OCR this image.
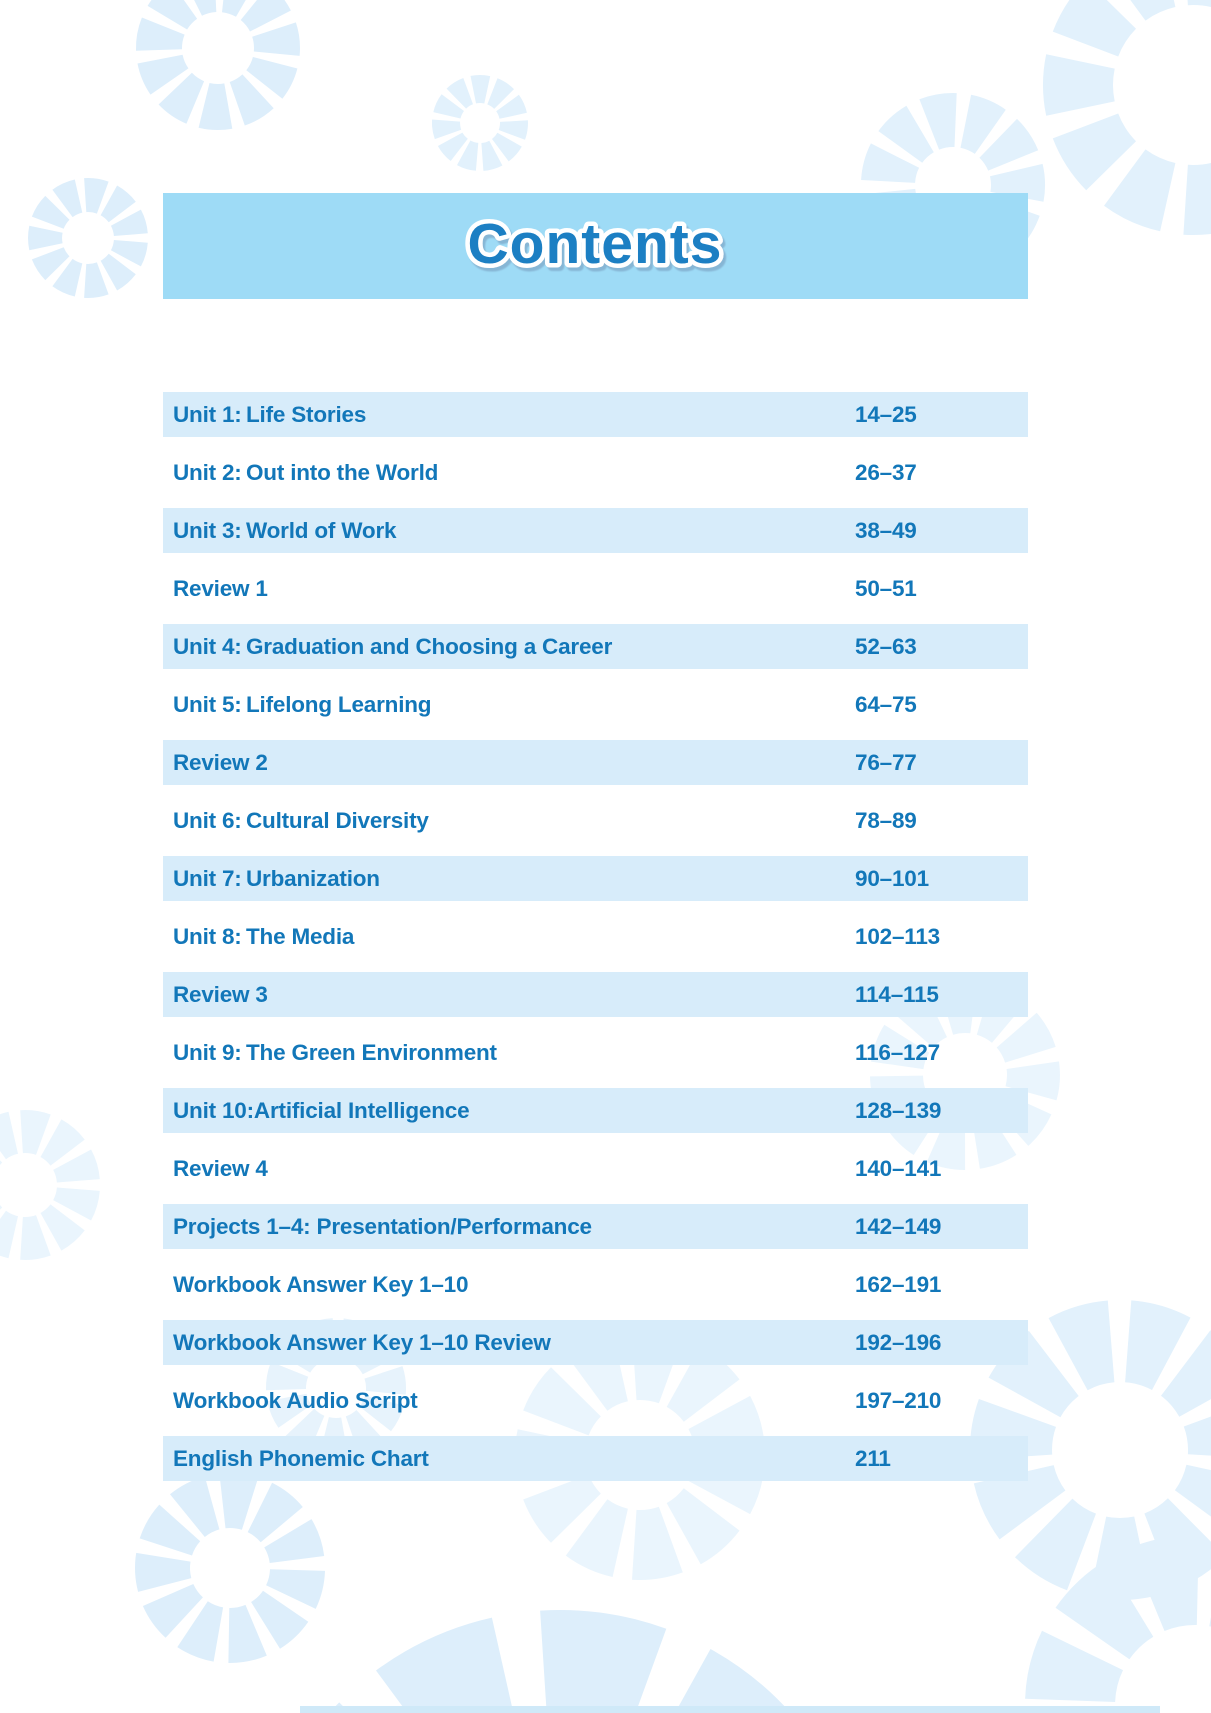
Contents
Unit 1: Life Stories	14–25
Unit 2: Out into the World	26–37
Unit 3: World of Work	38–49
Review 1	50–51
Unit 4: Graduation and Choosing a Career	52–63
Unit 5: Lifelong Learning	64–75
Review 2	76–77
Unit 6: Cultural Diversity	78–89
Unit 7: Urbanization	90–101
Unit 8: The Media	102–113
Review 3	114–115
Unit 9: The Green Environment	116–127
Unit 10: Artificial Intelligence	128–139
Review 4	140–141
Projects 1–4: Presentation/Performance	142–149
Workbook Answer Key 1–10	162–191
Workbook Answer Key 1–10 Review	192–196
Workbook Audio Script	197–210
English Phonemic Chart	211
